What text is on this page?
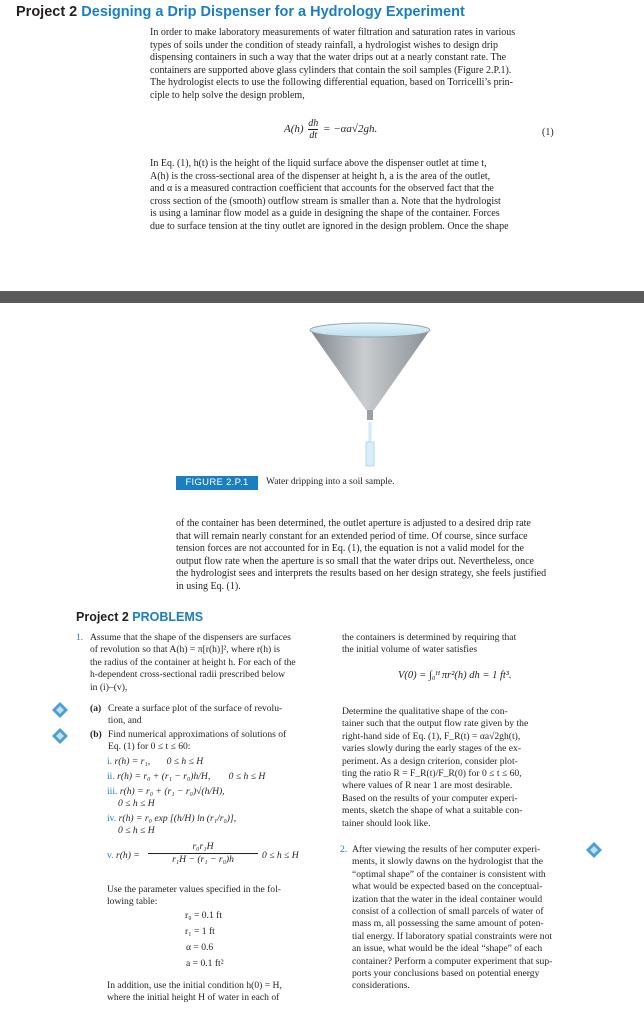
Project 2 Designing a Drip Dispenser for a Hydrology Experiment
In order to make laboratory measurements of water filtration and saturation rates in various
types of soils under the condition of steady rainfall, a hydrologist wishes to design drip
dispensing containers in such a way that the water drips out at a nearly constant rate. The
containers are supported above glass cylinders that contain the soil samples (Figure 2.P.1).
The hydrologist elects to use the following differential equation, based on Torricelli’s prin-
ciple to help solve the design problem,
$A(h) \frac{dh}{dt} = -\alpha a√2gh$.	(1)
In Eq. (1), h(t) is the height of the liquid surface above the dispenser outlet at time t,
A(h) is the cross-sectional area of the dispenser at height h, a is the area of the outlet,
and α is a measured contraction coefficient that accounts for the observed fact that the
cross section of the (smooth) outflow stream is smaller than a. Note that the hydrologist
is using a laminar flow model as a guide in designing the shape of the container. Forces
due to surface tension at the tiny outlet are ignored in the design problem. Once the shape
FIGURE 2.P.1	Water dripping into a soil sample.
of the container has been determined, the outlet aperture is adjusted to a desired drip rate
that will remain nearly constant for an extended period of time. Of course, since surface
tension forces are not accounted for in Eq. (1), the equation is not a valid model for the
output flow rate when the aperture is so small that the water drips out. Nevertheless, once
the hydrologist sees and interprets the results based on her design strategy, she feels justified
in using Eq. (1).
Project 2 PROBLEMS
1. Assume that the shape of the dispensers are surfaces
of revolution so that A(h) = π[r(h)]², where r(h) is
the radius of the container at height h. For each of the
h-dependent cross-sectional radii prescribed below
in (i)–(v),
(a) Create a surface plot of the surface of revolu-
tion, and
(b) Find numerical approximations of solutions of
Eq. (1) for 0 ≤ t ≤ 60:
i. r(h) = r₁, 0 ≤ h ≤ H
ii. r(h) = r₀ + (r₁ − r₀)h/H, 0 ≤ h ≤ H
iii. r(h) = r₀ + (r₁ − r₀)√(h/H),
0 ≤ h ≤ H
iv. r(h) = r₀ exp [(h/H) ln (r₁/r₀)],
0 ≤ h ≤ H
v. $r(h) = \frac{\text{r₀r₁H}}{\text{r₁H − (r₁ − r₀)h}} 0 \le h \le H$
Use the parameter values specified in the fol-
lowing table:
r₀ = 0.1 ft
r₁ = 1 ft
α = 0.6
a = 0.1 ft²
In addition, use the initial condition h(0) = H,
where the initial height H of water in each of
the containers is determined by requiring that
the initial volume of water satisfies
V(0) = ∫₀ᴴ πr²(h) dh = 1 ft³.
Determine the qualitative shape of the con-
tainer such that the output flow rate given by the
right-hand side of Eq. (1), F_R(t) = αa√2gh(t),
varies slowly during the early stages of the ex-
periment. As a design criterion, consider plot-
ting the ratio R = F_R(t)/F_R(0) for 0 ≤ t ≤ 60,
where values of R near 1 are most desirable.
Based on the results of your computer experi-
ments, sketch the shape of what a suitable con-
tainer should look like.
2. After viewing the results of her computer experi-
ments, it slowly dawns on the hydrologist that the
“optimal shape” of the container is consistent with
what would be expected based on the conceptual-
ization that the water in the ideal container would
consist of a collection of small parcels of water of
mass m, all possessing the same amount of poten-
tial energy. If laboratory spatial constraints were not
an issue, what would be the ideal “shape” of each
container? Perform a computer experiment that sup-
ports your conclusions based on potential energy
considerations.
